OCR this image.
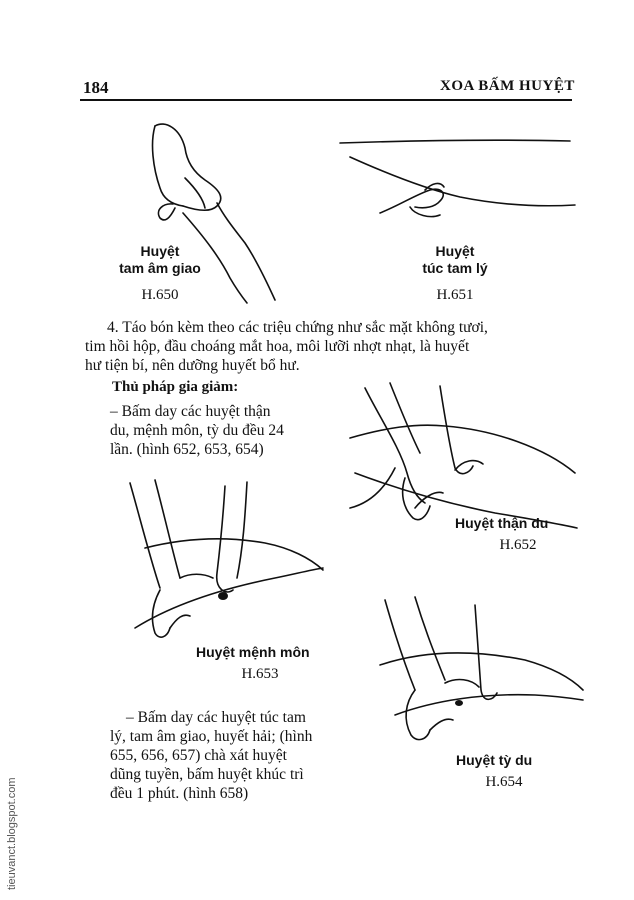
184	XOA BẤM HUYỆT
Huyệt
tam âm giao
H.650
Huyệt
túc tam lý
H.651
4. Táo bón kèm theo các triệu chứng như sắc mặt không tươi,
tim hồi hộp, đầu choáng mắt hoa, môi lưỡi nhợt nhạt, là huyết
hư tiện bí, nên dưỡng huyết bổ hư.
Thủ pháp gia giảm:
– Bấm day các huyệt thận
du, mệnh môn, tỳ du đều 24
lần. (hình 652, 653, 654)
Huyệt thận du
H.652
Huyệt mệnh môn
H.653
Huyệt tỳ du
H.654
– Bấm day các huyệt túc tam
lý, tam âm giao, huyết hải; (hình
655, 656, 657) chà xát huyệt
dũng tuyền, bấm huyệt khúc trì
đều 1 phút. (hình 658)
tieuvanct.blogspot.com
